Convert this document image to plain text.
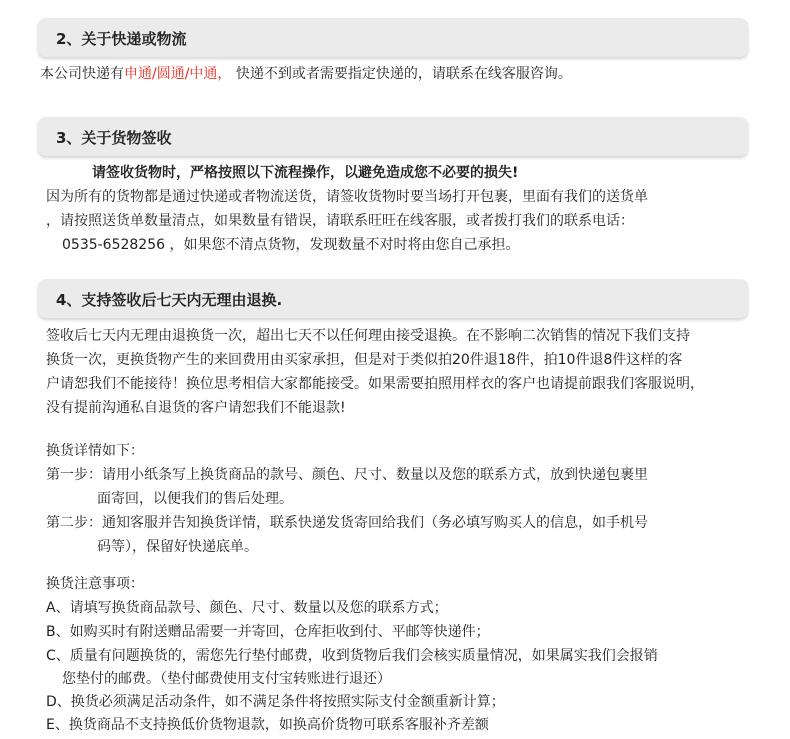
2、关于快递或物流
本公司快递有申通/圆通/中通， 快递不到或者需要指定快递的，请联系在线客服咨询。
3、关于货物签收
请签收货物时，严格按照以下流程操作，以避免造成您不必要的损失!
因为所有的货物都是通过快递或者物流送货，请签收货物时要当场打开包裹，里面有我们的送货单
，请按照送货单数量清点，如果数量有错误，请联系旺旺在线客服，或者拨打我们的联系电话：
0535-6528256 ，如果您不清点货物，发现数量不对时将由您自己承担。
4、支持签收后七天内无理由退换.
签收后七天内无理由退换货一次，超出七天不以任何理由接受退换。在不影响二次销售的情况下我们支持
换货一次，更换货物产生的来回费用由买家承担，但是对于类似拍20件退18件，拍10件退8件这样的客
户请恕我们不能接待！换位思考相信大家都能接受。如果需要拍照用样衣的客户也请提前跟我们客服说明，
没有提前沟通私自退货的客户请恕我们不能退款!
换货详情如下：
第一步：请用小纸条写上换货商品的款号、颜色、尺寸、数量以及您的联系方式，放到快递包裹里
面寄回，以便我们的售后处理。
第二步：通知客服并告知换货详情，联系快递发货寄回给我们（务必填写购买人的信息，如手机号
码等），保留好快递底单。
换货注意事项：
A、请填写换货商品款号、颜色、尺寸、数量以及您的联系方式；
B、如购买时有附送赠品需要一并寄回，仓库拒收到付、平邮等快递件；
C、质量有问题换货的，需您先行垫付邮费，收到货物后我们会核实质量情况，如果属实我们会报销
您垫付的邮费。（垫付邮费使用支付宝转账进行退还）
D、换货必须满足活动条件，如不满足条件将按照实际支付金额重新计算；
E、换货商品不支持换低价货物退款，如换高价货物可联系客服补齐差额
